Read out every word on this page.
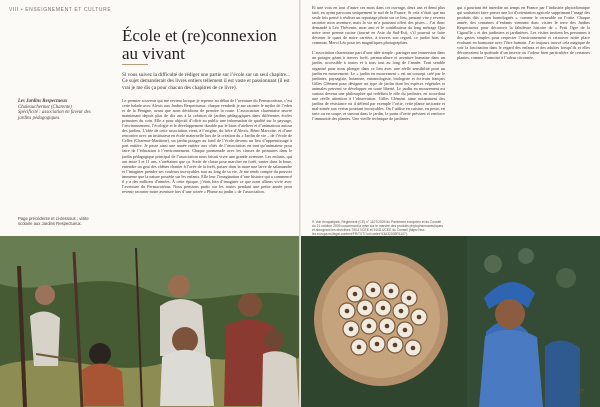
VIII • ENSEIGNEMENT ET CULTURE
École et (re)connexion au vivant
Si vous suivez la difficulté de rédiger une partie sur l’école sur un seul chapitre... Ce sujet demanderait des livres entiers tellement il est vaste et passionnant (il est vrai je me dis ça pour chacun des chapitres de ce livre).
Les Jardins Respectueux
Chaleauchermet (Charente)
Spécificité : association en faveur des jardins pédagogiques.

Le premier souvenir qui me revient lorsque je repense au début de l’aventure du Permacotéour, c’est cette balade avec Alexis aux Jardins Respectueux, chaque vendredi je me raconte le mythe de l’eden et de la Pénigne, avant que nous décidions de prendre la route. L’association charentaise œuvre maintenant depuis plus de dix ans à la création de jardins pédagogiques dans différentes écoles primaires du coin. Elle a pour objectif d’offrir au public une information de qualité sur le paysage, l’environnement, l’écologie et le développement durable par le biais d’ateliers et d’animations autour des jardins. L’idée de cette association vient, à l’origine, du frère d’Alexis, Rémi Marcotte, et d’une rencontre avec un instituteur en école maternelle lors de la création du « Jardin de vie – de l’école de Celles (Charente-Maritime), un jardin potager au fond de l’école devenu un lieu d’apprentissage à part entière. Je passe ainsi une année entière aux côtés de l’association en tant qu’animateur pour faire de l’éducation à l’environnement. Chaque promenade avec les classes de primaires dans le jardin pédagogique principal de l’association nous faisait vivre une grande aventure. Les enfants, qui ont entre 3 et 11 ans, s’arrêtaient que ça. Sortir de classe pour marcher en forêt, sauter dans la boue, entendre un geai des chênes chanter à l’orée de la forêt, passer dans la mare une larve de salamandre et l’imaginer prendre ses couleurs incroyables tout au long de sa vie. Je me rends compte du pouvoir immense que la nature possède sur les enfants. Elle leur l’imagination d’une histoire qui a commencé il y a des millions d’années. À cette époque, j’étais loin d’imaginer ce que nous allions vivre avec l’aventure du Permacotéour. Nous pensions partir sur les routes pendant une petite année pour revenir raconter notre aventure lors d’une soirée « Plume au jardin » de l’association.

Page précédente et ci-dessous : visite scolaire aux Jardins Respectueux.

Et une voix en tout d’autre ces mots dans cet ouvrage, deux ans et demi plus tard, en ayant parcouru uniquement le sud de la France. Si cela n’était que ma seule fois pensé à réaliser un reportage photo sur ce lieu, pensant vite y revenir raconter mon aventure, mais la vie m’a pourtant offert des pistes... J’ai donc demandé à Léo Thévenin, mon ami et le contributeur du long métrage Que notre terre prenne racine (tourné en Asie du Sud-Est), s’il pouvait se faire dévouer le quart de notre carrière, à travers son regard, ce jardin hors du commun. Merci Léo pour tes magnifiques photographies.

L’association charentaise part d’une idée simple : partager une immersion dans un potager géant à travers forêt, permaculture et aventure humaine dans un jardin, accessible à toutes et à tous tout au long de l’année. Tout semble organisé pour nous plonger dans ce lieu avec une réelle sensibilité pour un jardin en mouvement. Le « jardin en mouvement » est un concept créé par le jardinier, paysagiste, botaniste, entomologiste, biologiste et écrivain français Gilles Clément pour désigner un type de jardin dont les espèces végétales et animales peuvent se développer en toute liberté. Le jardin en mouvement est surtout devenu une philosophie qui redéfinit le rôle du jardinier, en accordant une réelle attention à l’observation. Gilles Clément aime notamment des jardins de résistance où il défend par exemple l’ortie, cette plante urticante et mal-aimée aux vertus pourtant incroyables. On l’utilise en cuisine, en pesto, en tarte ou en soupe, et surtout dans le jardin, le purin d’ortie prévient et renforce l’immunité des plantes. Une vieille technique de jardinier

qui a pourtant été interdite un temps en France par l’industrie phytochimique qui souhaitait faire passer une loi d’orientation agricole supprimant l’usage des produits dits « non homologués », comme le cerneuble ou l’ortie. Chaque année, des centaines d’enfants viennent donc visiter le terre des Jardins Respectueux pour découvrir la fabuleuse histoire de « Petit Ogre de la Cigouille » et des jardiniers et jardinières. Les visites invitent les personnes à des gestes simples pour respecter l’environnement et retrouver notre place évoluant en harmonie avec l’être humain. J’ai toujours trouvé cela magique de voir la fascination dans le regard des enfants et des adultes lorsqu’ils et elles découvraient la quiétude d’un insecte ou l’odeur bien particulière de certaines plantes, comme l’armoise à l’odeur citronnée.

9. Voir écropalipsis, Règlement (CE) n° 1107/2009 du Parlement européen et du Conseil du 21 octobre 2009 concernant la mise sur le marché des produits phytopharmaceutiques et abrogeant les directives 79/117/CEE et 91/414/CEE du Conseil (https://eur-lex.europa.eu/legal-content/FR/TXT/?uri=celex%3A32009R1107).
207
